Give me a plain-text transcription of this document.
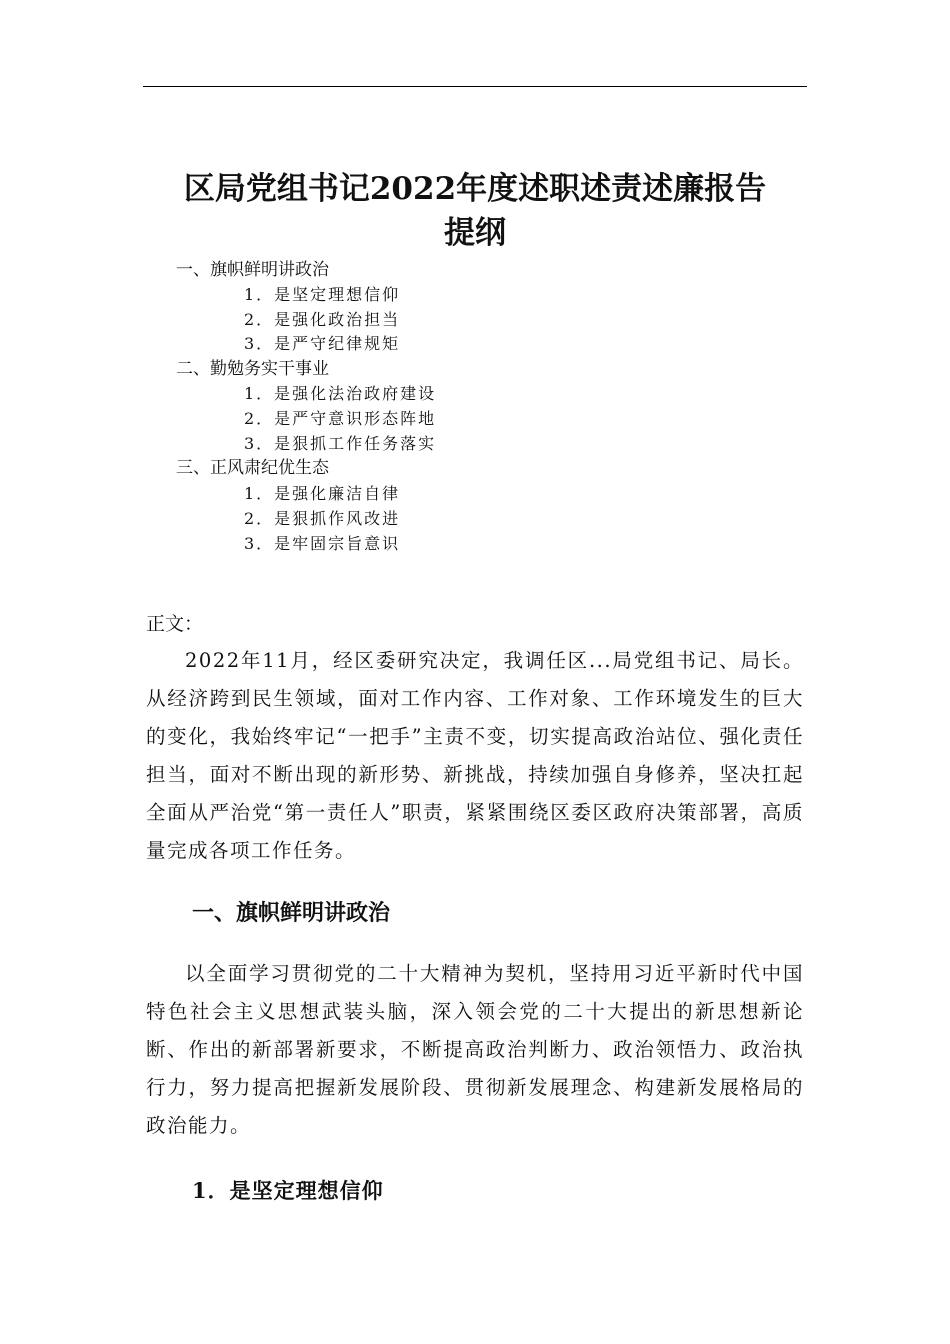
区局党组书记2022年度述职述责述廉报告
提纲
一、旗帜鲜明讲政治
1．是坚定理想信仰
2．是强化政治担当
3．是严守纪律规矩
二、勤勉务实干事业
1．是强化法治政府建设
2．是严守意识形态阵地
3．是狠抓工作任务落实
三、正风肃纪优生态
1．是强化廉洁自律
2．是狠抓作风改进
3．是牢固宗旨意识
正文：

2022年11月，经区委研究决定，我调任区...局党组书记、局长。从经济跨到民生领域，面对工作内容、工作对象、工作环境发生的巨大的变化，我始终牢记“一把手”主责不变，切实提高政治站位、强化责任担当，面对不断出现的新形势、新挑战，持续加强自身修养，坚决扛起全面从严治党“第一责任人”职责，紧紧围绕区委区政府决策部署，高质量完成各项工作任务。

一、旗帜鲜明讲政治

以全面学习贯彻党的二十大精神为契机，坚持用习近平新时代中国特色社会主义思想武装头脑，深入领会党的二十大提出的新思想新论断、作出的新部署新要求，不断提高政治判断力、政治领悟力、政治执行力，努力提高把握新发展阶段、贯彻新发展理念、构建新发展格局的政治能力。

1．是坚定理想信仰
